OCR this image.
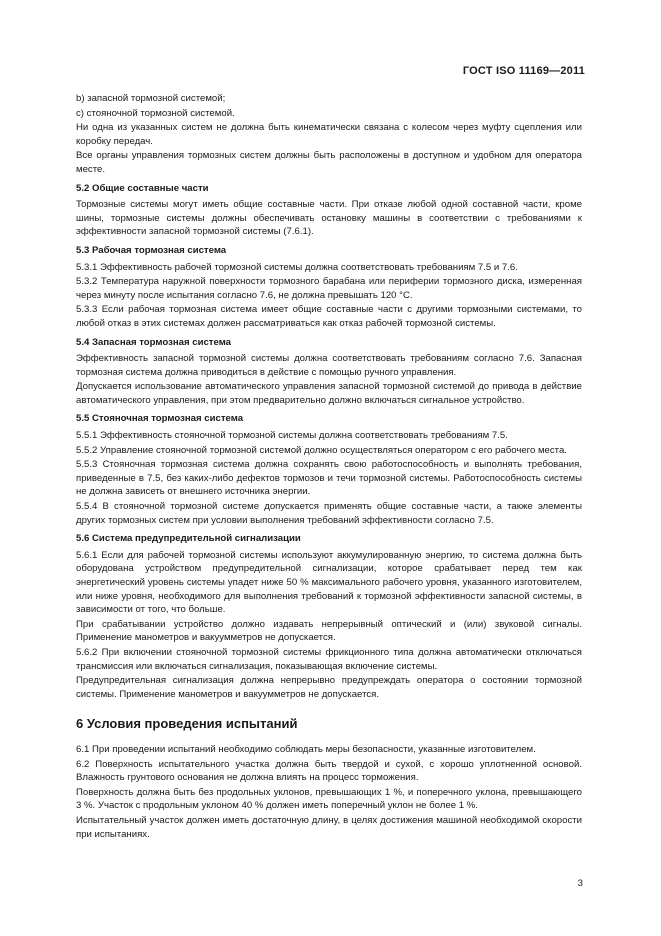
ГОСТ ISO 11169—2011

b) запасной тормозной системой;

c) стояночной тормозной системой.

Ни одна из указанных систем не должна быть кинематически связана с колесом через муфту сцепления или коробку передач.

Все органы управления тормозных систем должны быть расположены в доступном и удобном для оператора месте.

5.2 Общие составные части

Тормозные системы могут иметь общие составные части. При отказе любой одной составной части, кроме шины, тормозные системы должны обеспечивать остановку машины в соответствии с требованиями к эффективности запасной тормозной системы (7.6.1).

5.3 Рабочая тормозная система

5.3.1 Эффективность рабочей тормозной системы должна соответствовать требованиям 7.5 и 7.6.

5.3.2 Температура наружной поверхности тормозного барабана или периферии тормозного диска, измеренная через минуту после испытания согласно 7.6, не должна превышать 120 °C.

5.3.3 Если рабочая тормозная система имеет общие составные части с другими тормозными системами, то любой отказ в этих системах должен рассматриваться как отказ рабочей тормозной системы.

5.4 Запасная тормозная система

Эффективность запасной тормозной системы должна соответствовать требованиям согласно 7.6. Запасная тормозная система должна приводиться в действие с помощью ручного управления.

Допускается использование автоматического управления запасной тормозной системой до привода в действие автоматического управления, при этом предварительно должно включаться сигнальное устройство.

5.5 Стояночная тормозная система

5.5.1 Эффективность стояночной тормозной системы должна соответствовать требованиям 7.5.

5.5.2 Управление стояночной тормозной системой должно осуществляться оператором с его рабочего места.

5.5.3 Стояночная тормозная система должна сохранять свою работоспособность и выполнять требования, приведенные в 7.5, без каких-либо дефектов тормозов и течи тормозной системы. Работоспособность системы не должна зависеть от внешнего источника энергии.

5.5.4 В стояночной тормозной системе допускается применять общие составные части, а также элементы других тормозных систем при условии выполнения требований эффективности согласно 7.5.

5.6 Система предупредительной сигнализации

5.6.1 Если для рабочей тормозной системы используют аккумулированную энергию, то система должна быть оборудована устройством предупредительной сигнализации, которое срабатывает перед тем как энергетический уровень системы упадет ниже 50 % максимального рабочего уровня, указанного изготовителем, или ниже уровня, необходимого для выполнения требований к тормозной эффективности запасной системы, в зависимости от того, что больше.

При срабатывании устройство должно издавать непрерывный оптический и (или) звуковой сигналы. Применение манометров и вакуумметров не допускается.

5.6.2 При включении стояночной тормозной системы фрикционного типа должна автоматически отключаться трансмиссия или включаться сигнализация, показывающая включение системы.

Предупредительная сигнализация должна непрерывно предупреждать оператора о состоянии тормозной системы. Применение манометров и вакуумметров не допускается.

6 Условия проведения испытаний

6.1 При проведении испытаний необходимо соблюдать меры безопасности, указанные изготовителем.

6.2 Поверхность испытательного участка должна быть твердой и сухой, с хорошо уплотненной основой. Влажность грунтового основания не должна влиять на процесс торможения.

Поверхность должна быть без продольных уклонов, превышающих 1 %, и поперечного уклона, превышающего 3 %. Участок с продольным уклоном 40 % должен иметь поперечный уклон не более 1 %.

Испытательный участок должен иметь достаточную длину, в целях достижения машиной необходимой скорости при испытаниях.

3
